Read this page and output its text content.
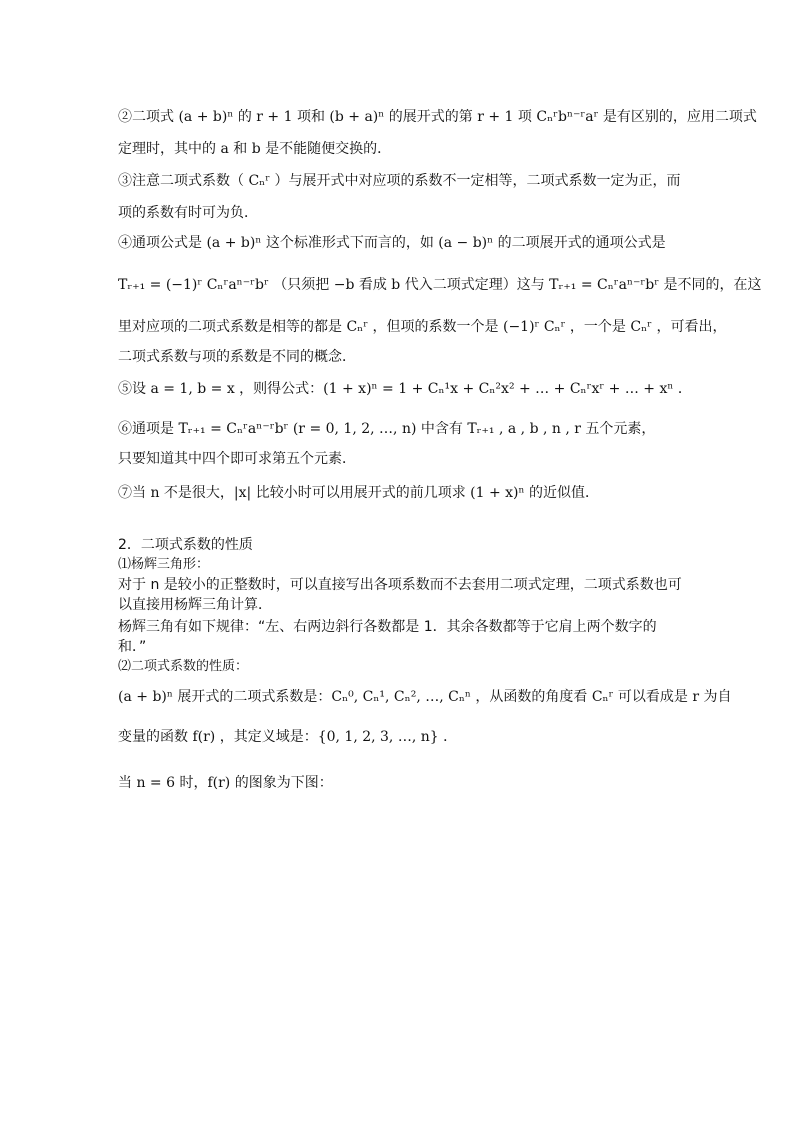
②二项式 (a + b)ⁿ 的 r + 1 项和 (b + a)ⁿ 的展开式的第 r + 1 项 Cₙʳbⁿ⁻ʳaʳ 是有区别的，应用二项式
定理时，其中的 a 和 b 是不能随便交换的．
③注意二项式系数（ Cₙʳ ）与展开式中对应项的系数不一定相等，二项式系数一定为正，而
项的系数有时可为负．
④通项公式是 (a + b)ⁿ 这个标准形式下而言的，如 (a − b)ⁿ 的二项展开式的通项公式是
Tᵣ₊₁ = (−1)ʳ Cₙʳaⁿ⁻ʳbʳ （只须把 −b 看成 b 代入二项式定理）这与 Tᵣ₊₁ = Cₙʳaⁿ⁻ʳbʳ 是不同的，在这
里对应项的二项式系数是相等的都是 Cₙʳ ，但项的系数一个是 (−1)ʳ Cₙʳ ，一个是 Cₙʳ ，可看出，
二项式系数与项的系数是不同的概念．
⑤设 a = 1, b = x ，则得公式：(1 + x)ⁿ = 1 + Cₙ¹x + Cₙ²x² + … + Cₙʳxʳ + … + xⁿ ．
⑥通项是 Tᵣ₊₁ = Cₙʳaⁿ⁻ʳbʳ (r = 0, 1, 2, …, n) 中含有 Tᵣ₊₁ , a , b , n , r 五个元素，
只要知道其中四个即可求第五个元素．
⑦当 n 不是很大，|x| 比较小时可以用展开式的前几项求 (1 + x)ⁿ 的近似值．
2．二项式系数的性质
⑴杨辉三角形：
对于 n 是较小的正整数时，可以直接写出各项系数而不去套用二项式定理，二项式系数也可
以直接用杨辉三角计算．
杨辉三角有如下规律：“左、右两边斜行各数都是 1．其余各数都等于它肩上两个数字的
和．”
⑵二项式系数的性质：
(a + b)ⁿ 展开式的二项式系数是：Cₙ⁰, Cₙ¹, Cₙ², …, Cₙⁿ ，从函数的角度看 Cₙʳ 可以看成是 r 为自
变量的函数 f(r) ，其定义域是：{0, 1, 2, 3, …, n} ．
当 n = 6 时，f(r) 的图象为下图：
